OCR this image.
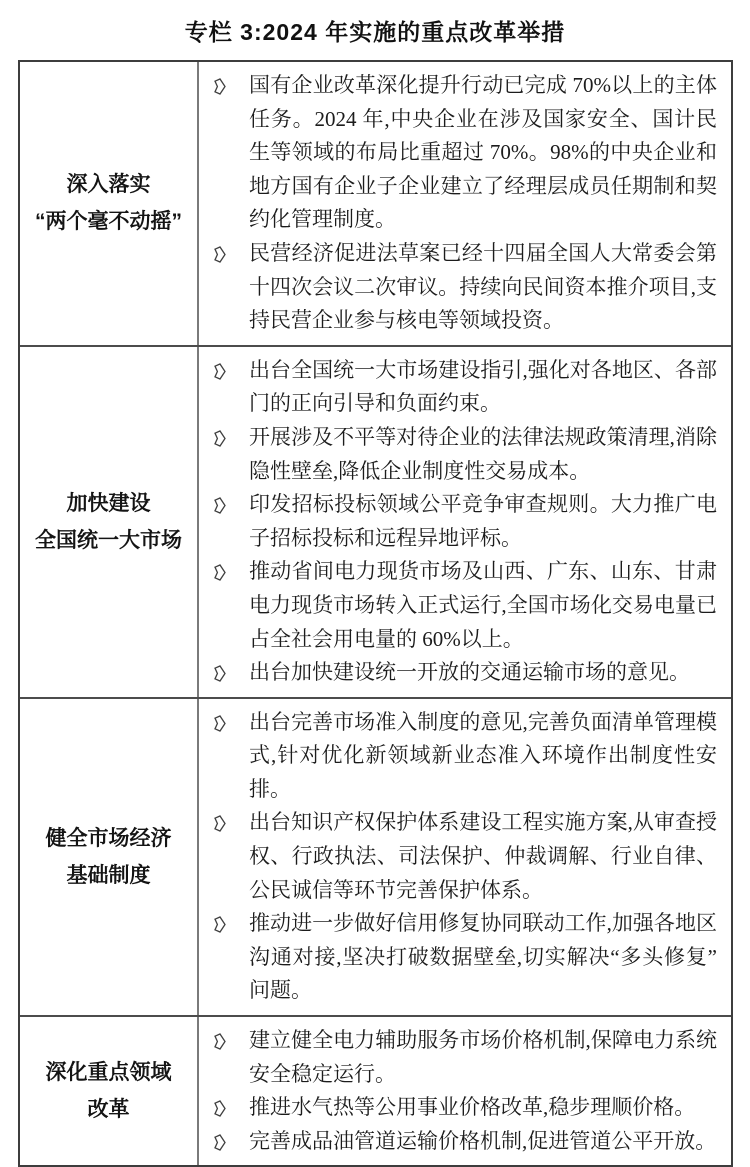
专栏 3:2024 年实施的重点改革举措
深入落实
“两个毫不动摇”
国有企业改革深化提升行动已完成 70%以上的主体任务。2024 年,中央企业在涉及国家安全、国计民生等领域的布局比重超过 70%。98%的中央企业和地方国有企业子企业建立了经理层成员任期制和契约化管理制度。
民营经济促进法草案已经十四届全国人大常委会第十四次会议二次审议。持续向民间资本推介项目,支持民营企业参与核电等领域投资。
加快建设
全国统一大市场
出台全国统一大市场建设指引,强化对各地区、各部门的正向引导和负面约束。
开展涉及不平等对待企业的法律法规政策清理,消除隐性壁垒,降低企业制度性交易成本。
印发招标投标领域公平竞争审查规则。大力推广电子招标投标和远程异地评标。
推动省间电力现货市场及山西、广东、山东、甘肃电力现货市场转入正式运行,全国市场化交易电量已占全社会用电量的 60%以上。
出台加快建设统一开放的交通运输市场的意见。
健全市场经济
基础制度
出台完善市场准入制度的意见,完善负面清单管理模式,针对优化新领域新业态准入环境作出制度性安排。
出台知识产权保护体系建设工程实施方案,从审查授权、行政执法、司法保护、仲裁调解、行业自律、公民诚信等环节完善保护体系。
推动进一步做好信用修复协同联动工作,加强各地区沟通对接,坚决打破数据壁垒,切实解决“多头修复”问题。
深化重点领域
改革
建立健全电力辅助服务市场价格机制,保障电力系统安全稳定运行。
推进水气热等公用事业价格改革,稳步理顺价格。
完善成品油管道运输价格机制,促进管道公平开放。
